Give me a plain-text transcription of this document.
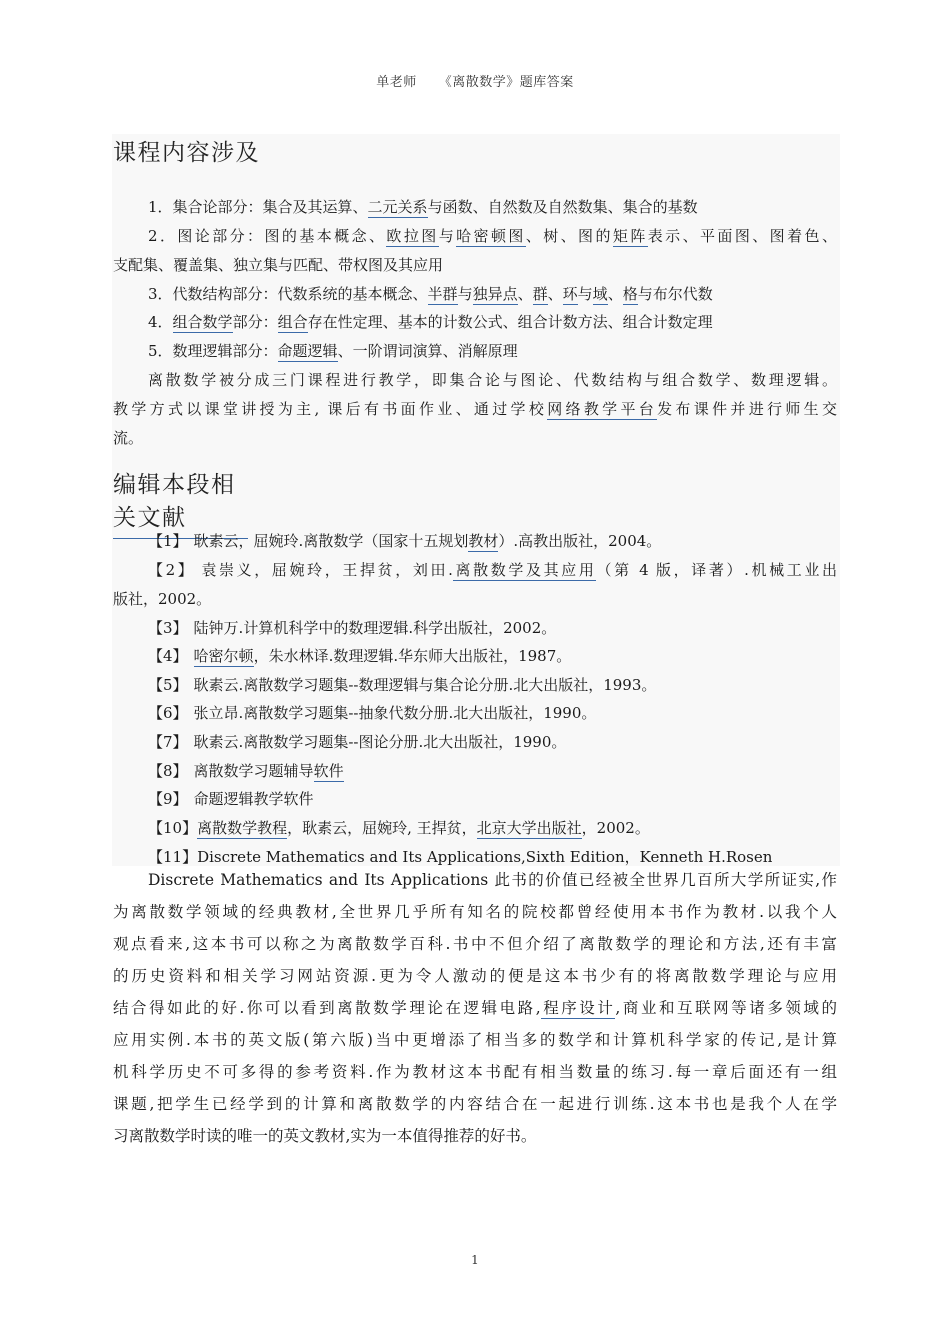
单老师 《离散数学》题库答案
课程内容涉及
1．集合论部分：集合及其运算、二元关系与函数、自然数及自然数集、集合的基数
2．图论部分：图的基本概念、欧拉图与哈密顿图、树、图的矩阵表示、平面图、图着色、
支配集、覆盖集、独立集与匹配、带权图及其应用
3．代数结构部分：代数系统的基本概念、半群与独异点、群、环与域、格与布尔代数
4．组合数学部分：组合存在性定理、基本的计数公式、组合计数方法、组合计数定理
5．数理逻辑部分：命题逻辑、一阶谓词演算、消解原理
离散数学被分成三门课程进行教学，即集合论与图论、代数结构与组合数学、数理逻辑。
教学方式以课堂讲授为主, 课后有书面作业、通过学校网络教学平台发布课件并进行师生交
流。
编辑本段相关文献
【1】 耿素云，屈婉玲.离散数学（国家十五规划教材）.高教出版社，2004。
【2】 袁崇义，屈婉玲，王捍贫，刘田.离散数学及其应用（第 4 版，译著）.机械工业出
版社，2002。
【3】 陆钟万.计算机科学中的数理逻辑.科学出版社，2002。
【4】 哈密尔顿，朱水林译.数理逻辑.华东师大出版社，1987。
【5】 耿素云.离散数学习题集--数理逻辑与集合论分册.北大出版社，1993。
【6】 张立昂.离散数学习题集--抽象代数分册.北大出版社，1990。
【7】 耿素云.离散数学习题集--图论分册.北大出版社，1990。
【8】 离散数学习题辅导软件
【9】 命题逻辑教学软件
【10】离散数学教程，耿素云，屈婉玲, 王捍贫，北京大学出版社，2002。
【11】Discrete Mathematics and Its Applications,Sixth Edition，Kenneth H.Rosen
Discrete Mathematics and Its Applications 此书的价值已经被全世界几百所大学所证实,作
为离散数学领域的经典教材,全世界几乎所有知名的院校都曾经使用本书作为教材.以我个人
观点看来,这本书可以称之为离散数学百科.书中不但介绍了离散数学的理论和方法,还有丰富
的历史资料和相关学习网站资源.更为令人激动的便是这本书少有的将离散数学理论与应用
结合得如此的好.你可以看到离散数学理论在逻辑电路,程序设计,商业和互联网等诸多领域的
应用实例.本书的英文版(第六版)当中更增添了相当多的数学和计算机科学家的传记,是计算
机科学历史不可多得的参考资料.作为教材这本书配有相当数量的练习.每一章后面还有一组
课题,把学生已经学到的计算和离散数学的内容结合在一起进行训练.这本书也是我个人在学
习离散数学时读的唯一的英文教材,实为一本值得推荐的好书。
1
